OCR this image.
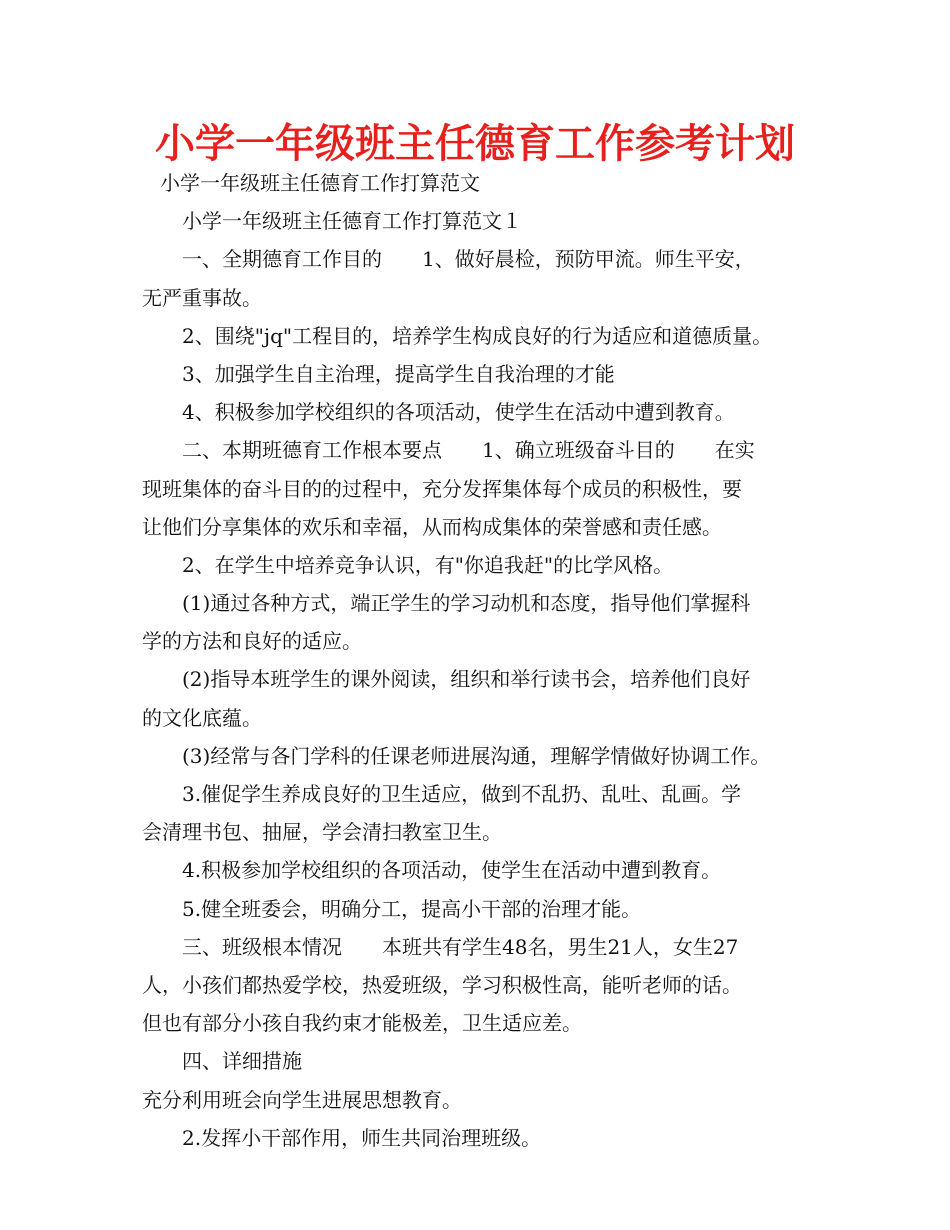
小学一年级班主任德育工作参考计划
小学一年级班主任德育工作打算范文
小学一年级班主任德育工作打算范文１
一、全期德育工作目的　　1、做好晨检，预防甲流。师生平安，
无严重事故。
2、围绕"jq"工程目的，培养学生构成良好的行为适应和道德质量。
3、加强学生自主治理，提高学生自我治理的才能
4、积极参加学校组织的各项活动，使学生在活动中遭到教育。
二、本期班德育工作根本要点　　1、确立班级奋斗目的　　在实
现班集体的奋斗目的的过程中，充分发挥集体每个成员的积极性，要
让他们分享集体的欢乐和幸福，从而构成集体的荣誉感和责任感。
2、在学生中培养竞争认识，有"你追我赶"的比学风格。
(1)通过各种方式，端正学生的学习动机和态度，指导他们掌握科
学的方法和良好的适应。
(2)指导本班学生的课外阅读，组织和举行读书会，培养他们良好
的文化底蕴。
(3)经常与各门学科的任课老师进展沟通，理解学情做好协调工作。
3.催促学生养成良好的卫生适应，做到不乱扔、乱吐、乱画。学
会清理书包、抽屉，学会清扫教室卫生。
4.积极参加学校组织的各项活动，使学生在活动中遭到教育。
5.健全班委会，明确分工，提高小干部的治理才能。
三、班级根本情况　　本班共有学生48名，男生21人，女生27
人，小孩们都热爱学校，热爱班级，学习积极性高，能听老师的话。
但也有部分小孩自我约束才能极差，卫生适应差。
四、详细措施
充分利用班会向学生进展思想教育。
2.发挥小干部作用，师生共同治理班级。
